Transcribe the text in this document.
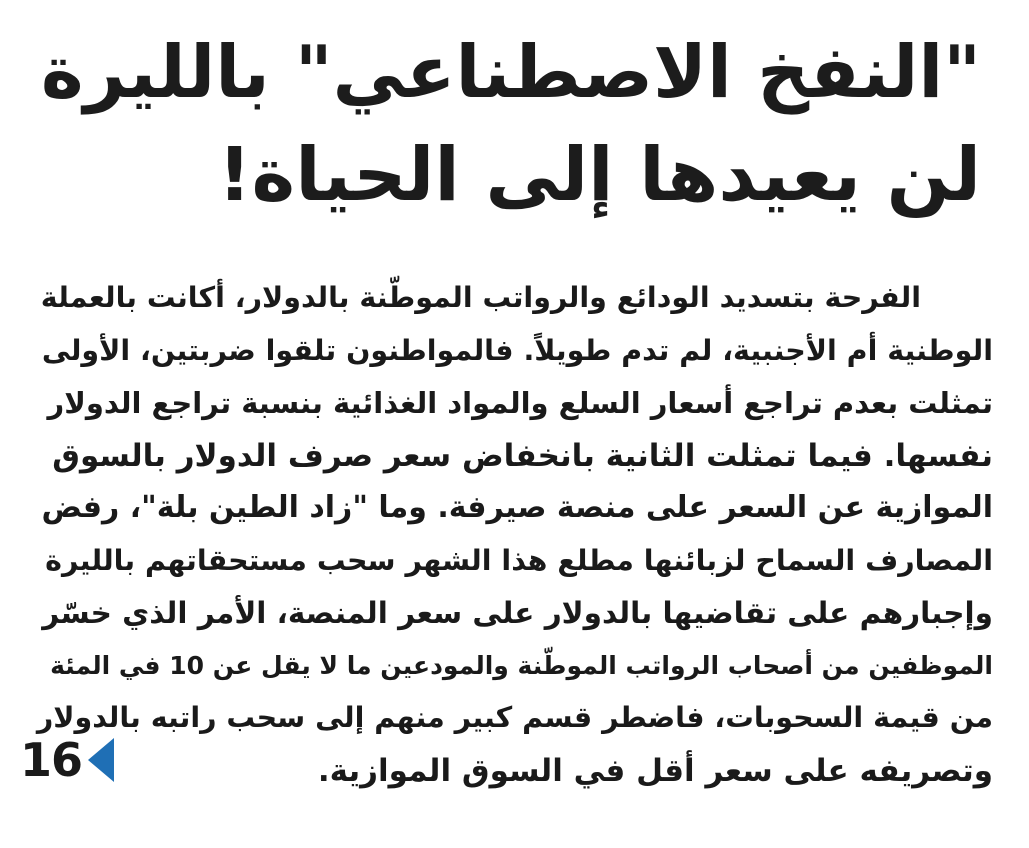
"النفخ الاصطناعي" بالليرة
لن يعيدها إلى الحياة!
الفرحة بتسديد الودائع والرواتب الموطّنة بالدولار، أكانت بالعملة
الوطنية أم الأجنبية، لم تدم طويلاً. فالمواطنون تلقوا ضربتين، الأولى
تمثلت بعدم تراجع أسعار السلع والمواد الغذائية بنسبة تراجع الدولار
نفسها. فيما تمثلت الثانية بانخفاض سعر صرف الدولار بالسوق
الموازية عن السعر على منصة صيرفة. وما "زاد الطين بلة"، رفض
المصارف السماح لزبائنها مطلع هذا الشهر سحب مستحقاتهم بالليرة
وإجبارهم على تقاضيها بالدولار على سعر المنصة، الأمر الذي خسّر
الموظفين من أصحاب الرواتب الموطّنة والمودعين ما لا يقل عن 10 في المئة
من قيمة السحوبات، فاضطر قسم كبير منهم إلى سحب راتبه بالدولار
وتصريفه على سعر أقل في السوق الموازية.
16
